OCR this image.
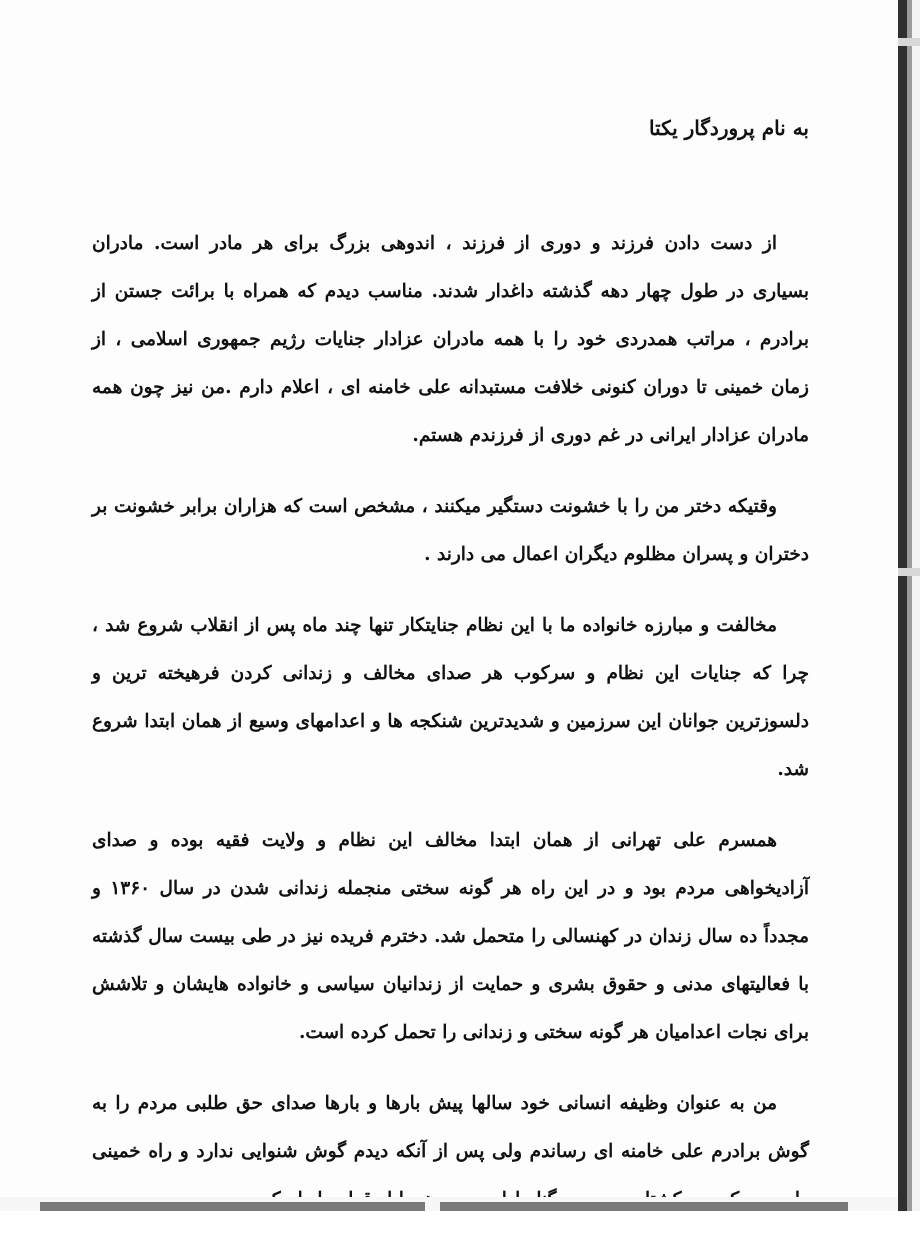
به نام پروردگار یکتا

از دست دادن فرزند و دوری از فرزند ، اندوهی بزرگ برای هر مادر است. مادران بسیاری در طول چهار دهه گذشته داغدار شدند. مناسب دیدم که همراه با برائت جستن از برادرم ، مراتب همدردی خود را با همه مادران عزادار جنایات رژیم جمهوری اسلامی ، از زمان خمینی تا دوران کنونی خلافت مستبدانه علی خامنه ای ، اعلام دارم .من نیز چون همه مادران عزادار ایرانی در غم دوری از فرزندم هستم.

وقتیکه دختر من را با خشونت دستگیر میکنند ، مشخص است که هزاران برابر خشونت بر دختران و پسران مظلوم دیگران اعمال می دارند .

مخالفت و مبارزه خانواده ما با این نظام جنایتکار تنها چند ماه پس از انقلاب شروع شد ، چرا که جنایات این نظام و سرکوب هر صدای مخالف و زندانی کردن فرهیخته ترین و دلسوزترین جوانان این سرزمین و شدیدترین شنکجه ها و اعدامهای وسیع از همان ابتدا شروع شد.

همسرم علی تهرانی از همان ابتدا مخالف این نظام و ولایت فقیه بوده و صدای آزادیخواهی مردم بود و در این راه هر گونه سختی منجمله زندانی شدن در سال ۱۳۶۰ و مجدداً ده سال زندان در کهنسالی را متحمل شد. دخترم فریده نیز در طی بیست سال گذشته با فعالیتهای مدنی و حقوق بشری و حمایت از زندانیان سیاسی و خانواده هایشان و تلاشش برای نجات اعدامیان هر گونه سختی و زندانی را تحمل کرده است.

من به عنوان وظیفه انسانی خود سالها پیش بارها و بارها صدای حق طلبی مردم را به گوش برادرم علی خامنه ای رساندم ولی پس از آنکه دیدم گوش شنوایی ندارد و راه خمینی
